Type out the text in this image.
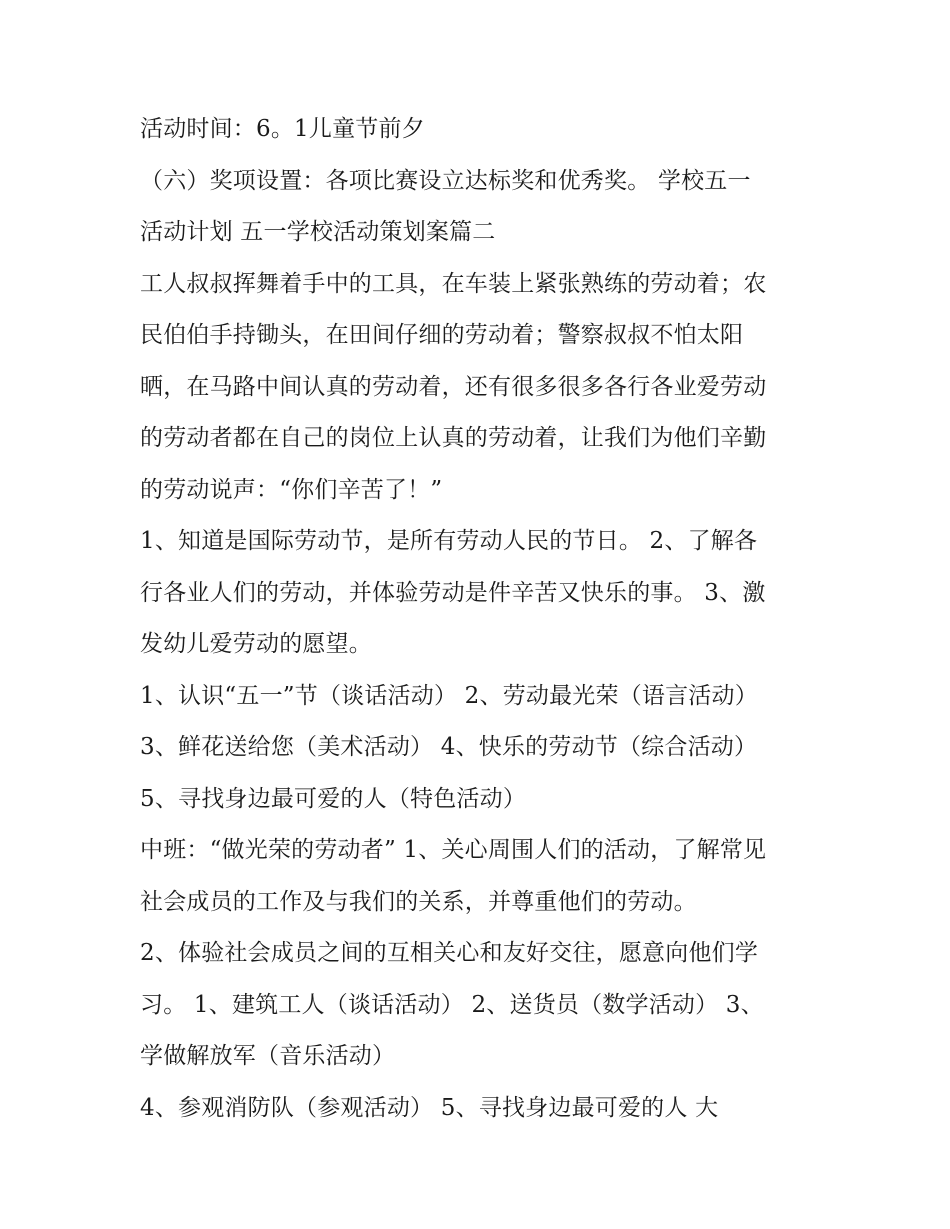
活动时间：6。1儿童节前夕
（六）奖项设置：各项比赛设立达标奖和优秀奖。 学校五一
活动计划 五一学校活动策划案篇二
工人叔叔挥舞着手中的工具，在车装上紧张熟练的劳动着；农
民伯伯手持锄头，在田间仔细的劳动着；警察叔叔不怕太阳
晒，在马路中间认真的劳动着，还有很多很多各行各业爱劳动
的劳动者都在自己的岗位上认真的劳动着，让我们为他们辛勤
的劳动说声：“你们辛苦了！”
1、知道是国际劳动节，是所有劳动人民的节日。 2、了解各
行各业人们的劳动，并体验劳动是件辛苦又快乐的事。 3、激
发幼儿爱劳动的愿望。
1、认识“五一”节（谈话活动） 2、劳动最光荣（语言活动）
3、鲜花送给您（美术活动） 4、快乐的劳动节（综合活动）
5、寻找身边最可爱的人（特色活动）
中班：“做光荣的劳动者” 1、关心周围人们的活动，了解常见
社会成员的工作及与我们的关系，并尊重他们的劳动。
2、体验社会成员之间的互相关心和友好交往，愿意向他们学
习。 1、建筑工人（谈话活动） 2、送货员（数学活动） 3、
学做解放军（音乐活动）
4、参观消防队（参观活动） 5、寻找身边最可爱的人 大
